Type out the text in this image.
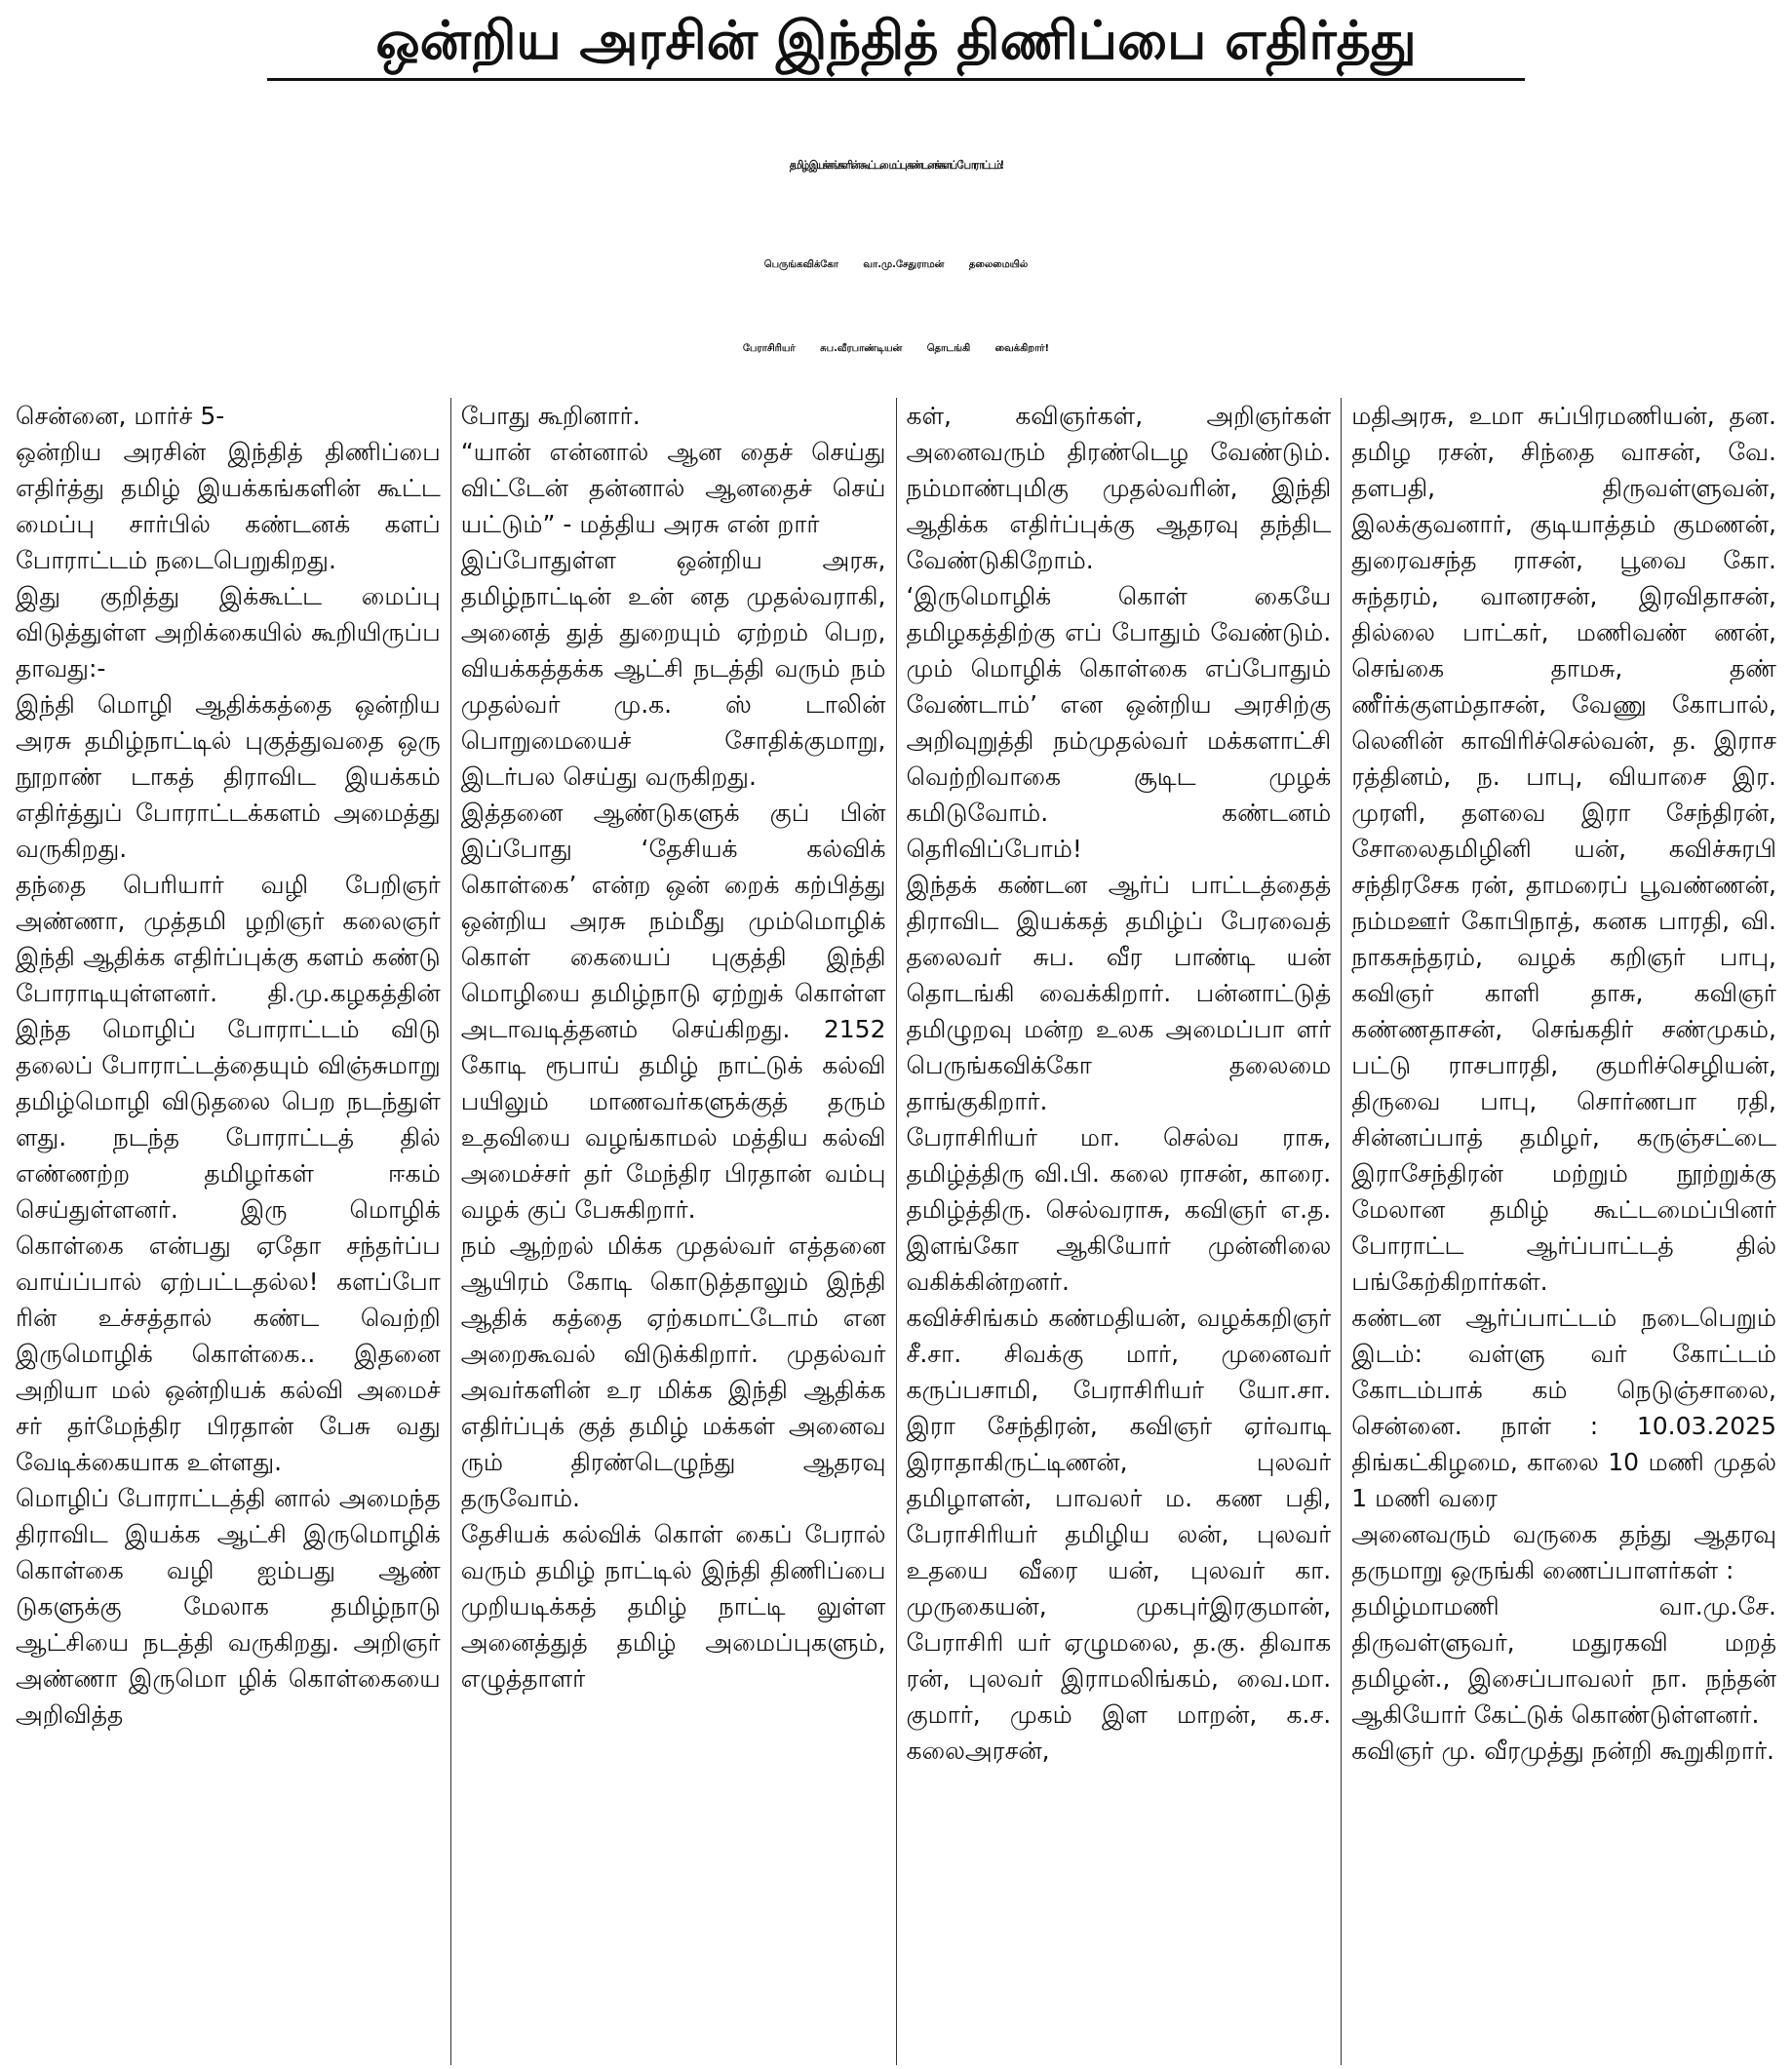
ஒன்றிய அரசின் இந்தித் திணிப்பை எதிர்த்து
தமிழ் இயக்கங்களின் கூட்டமைப்பு கண்டனக்களப் போராட்டம்!
பெருங்கவிக்கோ வா.மு.சேதுராமன் தலைமையில்
பேராசிரியர் சுப.வீரபாண்டியன் தொடங்கி வைக்கிறார்!
சென்னை, மார்ச் 5-
ஒன்றிய அரசின் இந்தித் திணிப்பை எதிர்த்து தமிழ் இயக்கங்களின் கூட்ட மைப்பு சார்பில் கண்டனக் களப் போராட்டம் நடைபெறுகிறது.
இது குறித்து இக்கூட்ட மைப்பு விடுத்துள்ள அறிக்கையில் கூறியிருப்ப தாவது:-
இந்தி மொழி ஆதிக்கத்தை ஒன்றிய அரசு தமிழ்நாட்டில் புகுத்துவதை ஒரு நூறாண் டாகத் திராவிட இயக்கம் எதிர்த்துப் போராட்டக்களம் அமைத்து வருகிறது.
தந்தை பெரியார் வழி பேறிஞர் அண்ணா, முத்தமி ழறிஞர் கலைஞர் இந்தி ஆதிக்க எதிர்ப்புக்கு களம் கண்டு போராடியுள்ளனர். தி.மு.கழகத்தின் இந்த மொழிப் போராட்டம் விடு தலைப் போராட்டத்தையும் விஞ்சுமாறு தமிழ்மொழி விடுதலை பெற நடந்துள் ளது. நடந்த போராட்டத் தில் எண்ணற்ற தமிழர்கள் ஈகம் செய்துள்ளனர். இரு மொழிக் கொள்கை என்பது ஏதோ சந்தர்ப்ப வாய்ப்பால் ஏற்பட்டதல்ல! களப்போ ரின் உச்சத்தால் கண்ட வெற்றி இருமொழிக் கொள்கை.. இதனை அறியா மல் ஒன்றியக் கல்வி அமைச் சர் தர்மேந்திர பிரதான் பேசு வது வேடிக்கையாக உள்ளது.
மொழிப் போராட்டத்தி னால் அமைந்த திராவிட இயக்க ஆட்சி இருமொழிக் கொள்கை வழி ஐம்பது ஆண் டுகளுக்கு மேலாக தமிழ்நாடு ஆட்சியை நடத்தி வருகிறது. அறிஞர் அண்ணா இருமொ ழிக் கொள்கையை அறிவித்த
போது கூறினார்.
“யான் என்னால் ஆன தைச் செய்து விட்டேன் தன்னால் ஆனதைச் செய் யட்டும்” - மத்திய அரசு என் றார்
இப்போதுள்ள ஒன்றிய அரசு, தமிழ்நாட்டின் உன் னத முதல்வராகி, அனைத் துத் துறையும் ஏற்றம் பெற, வியக்கத்தக்க ஆட்சி நடத்தி வரும் நம் முதல்வர் மு.க. ஸ் டாலின் பொறுமையைச் சோதிக்குமாறு, இடர்பல செய்து வருகிறது.
இத்தனை ஆண்டுகளுக் குப் பின் இப்போது ‘தேசியக் கல்விக் கொள்கை’ என்ற ஒன் றைக் கற்பித்து ஒன்றிய அரசு நம்மீது மும்மொழிக் கொள் கையைப் புகுத்தி இந்தி மொழியை தமிழ்நாடு ஏற்றுக் கொள்ள அடாவடித்தனம் செய்கிறது. 2152 கோடி ரூபாய் தமிழ் நாட்டுக் கல்வி பயிலும் மாணவர்களுக்குத் தரும் உதவியை வழங்காமல் மத்திய கல்வி அமைச்சர் தர் மேந்திர பிரதான் வம்பு வழக் குப் பேசுகிறார்.
நம் ஆற்றல் மிக்க முதல்வர் எத்தனை ஆயிரம் கோடி கொடுத்தாலும் இந்தி ஆதிக் கத்தை ஏற்கமாட்டோம் என அறைகூவல் விடுக்கிறார். முதல்வர் அவர்களின் உர மிக்க இந்தி ஆதிக்க எதிர்ப்புக் குத் தமிழ் மக்கள் அனைவ ரும் திரண்டெழுந்து ஆதரவு தருவோம்.
தேசியக் கல்விக் கொள் கைப் பேரால் வரும் தமிழ் நாட்டில் இந்தி திணிப்பை முறியடிக்கத் தமிழ் நாட்டி லுள்ள அனைத்துத் தமிழ் அமைப்புகளும், எழுத்தாளர்
கள், கவிஞர்கள், அறிஞர்கள் அனைவரும் திரண்டெழ வேண்டும். நம்மாண்புமிகு முதல்வரின், இந்தி ஆதிக்க எதிர்ப்புக்கு ஆதரவு தந்திட வேண்டுகிறோம்.
‘இருமொழிக் கொள் கையே தமிழகத்திற்கு எப் போதும் வேண்டும். மும் மொழிக் கொள்கை எப்போதும் வேண்டாம்’ என ஒன்றிய அரசிற்கு அறிவுறுத்தி நம்முதல்வர் மக்களாட்சி வெற்றிவாகை சூடிட முழக் கமிடுவோம். கண்டனம் தெரிவிப்போம்!
இந்தக் கண்டன ஆர்ப் பாட்டத்தைத் திராவிட இயக்கத் தமிழ்ப் பேரவைத் தலைவர் சுப. வீர பாண்டி யன் தொடங்கி வைக்கிறார். பன்னாட்டுத் தமிழுறவு மன்ற உலக அமைப்பா ளர் பெருங்கவிக்கோ தலைமை தாங்குகிறார்.
பேராசிரியர் மா. செல்வ ராசு, தமிழ்த்திரு வி.பி. கலை ராசன், காரை. தமிழ்த்திரு. செல்வராசு, கவிஞர் எ.த. இளங்கோ ஆகியோர் முன்னிலை வகிக்கின்றனர்.
கவிச்சிங்கம் கண்மதியன், வழக்கறிஞர் சீ.சா. சிவக்கு மார், முனைவர் கருப்பசாமி, பேராசிரியர் யோ.சா. இரா சேந்திரன், கவிஞர் ஏர்வாடி இராதாகிருட்டிணன், புலவர் தமிழாளன், பாவலர் ம. கண பதி, பேராசிரியர் தமிழிய லன், புலவர் உதயை வீரை யன், புலவர் கா. முருகையன், முகபுர்இரகுமான், பேராசிரி யர் ஏழுமலை, த.கு. திவாக ரன், புலவர் இராமலிங்கம், வை.மா. குமார், முகம் இள மாறன், க.ச. கலைஅரசன்,
மதிஅரசு, உமா சுப்பிரமணியன், தன. தமிழ ரசன், சிந்தை வாசன், வே. தளபதி, திருவள்ளுவன், இலக்குவனார், குடியாத்தம் குமணன், துரைவசந்த ராசன், பூவை கோ. சுந்தரம், வானரசன், இரவிதாசன், தில்லை பாட்கர், மணிவண் ணன், செங்கை தாமசு, தண் ணீர்க்குளம்தாசன், வேணு கோபால், லெனின் காவிரிச்செல்வன், த. இராச ரத்தினம், ந. பாபு, வியாசை இர. முரளி, தளவை இரா சேந்திரன், சோலைதமிழினி யன், கவிச்சுரபி சந்திரசேக ரன், தாமரைப் பூவண்ணன், நம்மஊர் கோபிநாத், கனக பாரதி, வி. நாகசுந்தரம், வழக் கறிஞர் பாபு, கவிஞர் காளி தாசு, கவிஞர் கண்ணதாசன், செங்கதிர் சண்முகம், பட்டு ராசபாரதி, குமரிச்செழியன், திருவை பாபு, சொர்ணபா ரதி, சின்னப்பாத் தமிழர், கருஞ்சட்டை இராசேந்திரன் மற்றும் நூற்றுக்கு மேலான தமிழ் கூட்டமைப்பினர் போராட்ட ஆர்ப்பாட்டத் தில் பங்கேற்கிறார்கள்.
கண்டன ஆர்ப்பாட்டம் நடைபெறும் இடம்: வள்ளு வர் கோட்டம் கோடம்பாக் கம் நெடுஞ்சாலை, சென்னை. நாள் : 10.03.2025 திங்கட்கிழமை, காலை 10 மணி முதல் 1 மணி வரை
அனைவரும் வருகை தந்து ஆதரவு தருமாறு ஒருங்கி ணைப்பாளர்கள் :
தமிழ்மாமணி வா.மு.சே. திருவள்ளுவர், மதுரகவி மறத் தமிழன்., இசைப்பாவலர் நா. நந்தன் ஆகியோர் கேட்டுக் கொண்டுள்ளனர்.
கவிஞர் மு. வீரமுத்து நன்றி கூறுகிறார்.
